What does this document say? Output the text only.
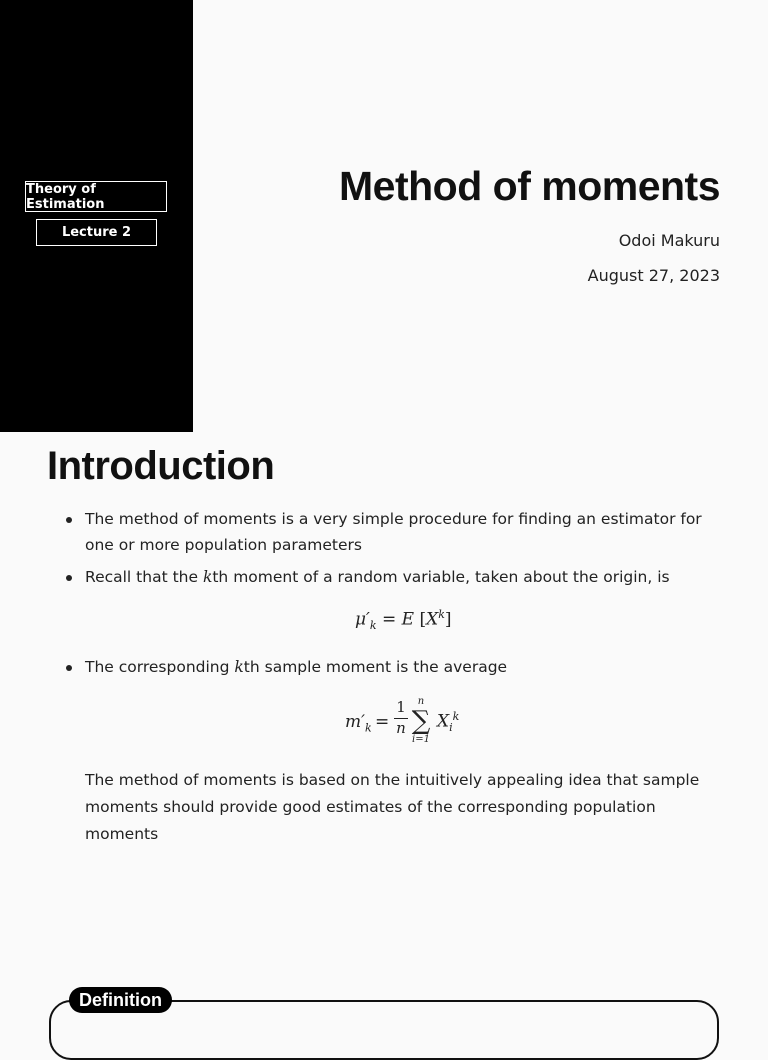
Theory of Estimation
Lecture 2
Method of moments
Odoi Makuru
August 27, 2023
Introduction
The method of moments is a very simple procedure for finding an estimator for one or more population parameters
Recall that the kth moment of a random variable, taken about the origin, is
$\mu'_k = E$ $[X^k]$
The corresponding kth sample moment is the average
$m'_k$ =
1
n
n
∑
i=1
$X_i^k$
The method of moments is based on the intuitively appealing idea that sample moments should provide good estimates of the corresponding population moments
Definition
